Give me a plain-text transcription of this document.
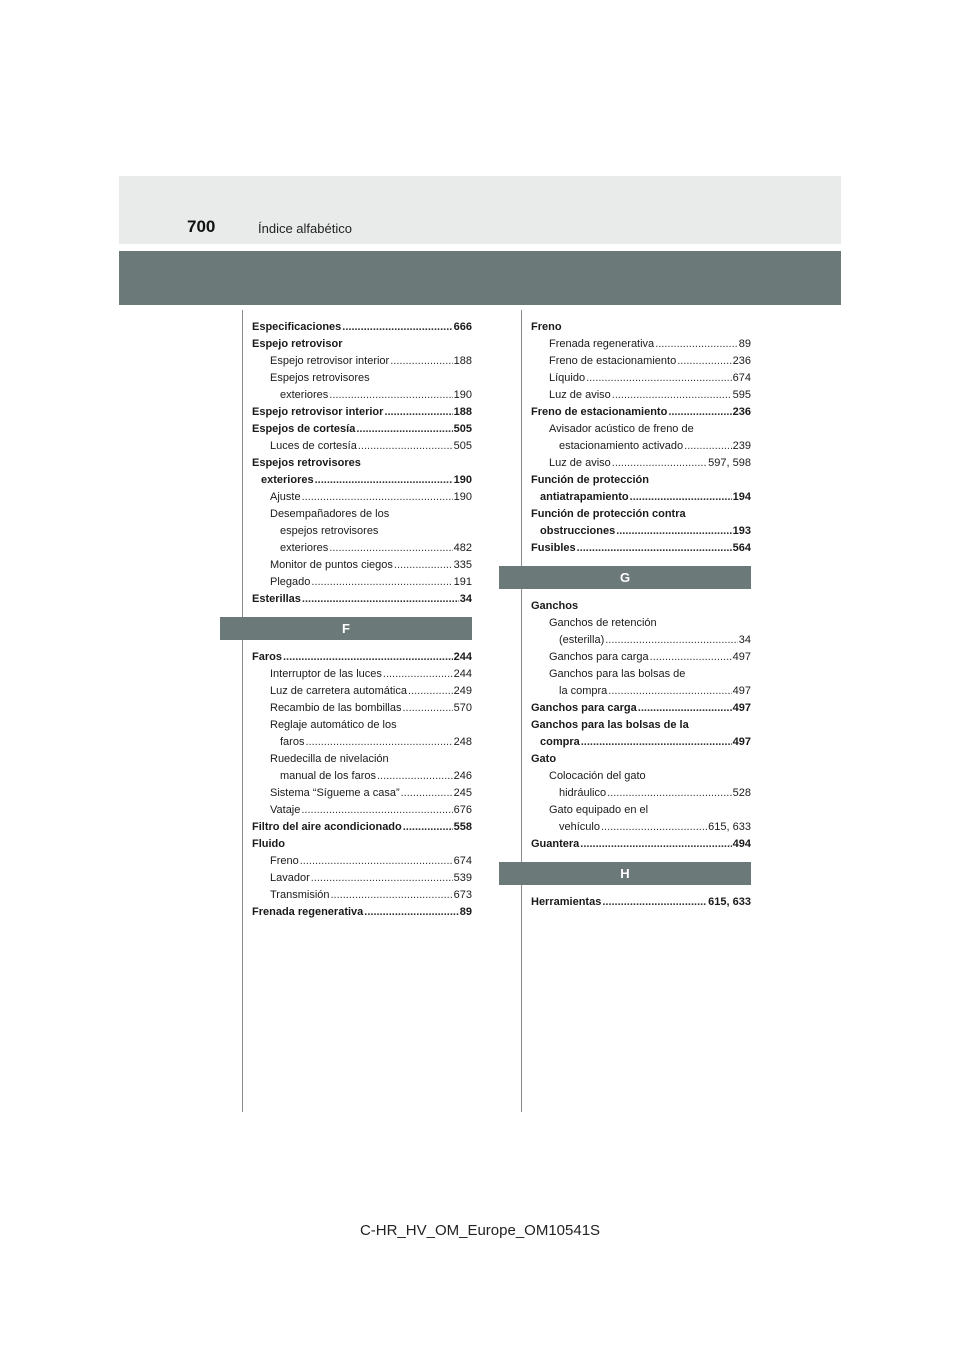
700	Índice alfabético
Especificaciones .....	666
Espejo retrovisor
Espejo retrovisor interior .....	188
Espejos retrovisores
exteriores .....	190
Espejo retrovisor interior .....	188
Espejos de cortesía .....	505
Luces de cortesía .....	505
Espejos retrovisores
exteriores .....	190
Ajuste .....	190
Desempañadores de los
espejos retrovisores
exteriores .....	482
Monitor de puntos ciegos .....	335
Plegado .....	191
Esterillas .....	34
F
Faros .....	244
Interruptor de las luces .....	244
Luz de carretera automática .....	249
Recambio de las bombillas .....	570
Reglaje automático de los
faros .....	248
Ruedecilla de nivelación
manual de los faros .....	246
Sistema “Sígueme a casa” .....	245
Vataje .....	676
Filtro del aire acondicionado .....	558
Fluido
Freno .....	674
Lavador .....	539
Transmisión .....	673
Frenada regenerativa .....	89
Freno
Frenada regenerativa .....	89
Freno de estacionamiento .....	236
Líquido .....	674
Luz de aviso .....	595
Freno de estacionamiento .....	236
Avisador acústico de freno de
estacionamiento activado .....	239
Luz de aviso .....	597, 598
Función de protección
antiatrapamiento .....	194
Función de protección contra
obstrucciones .....	193
Fusibles .....	564
G
Ganchos
Ganchos de retención
(esterilla) .....	34
Ganchos para carga .....	497
Ganchos para las bolsas de
la compra .....	497
Ganchos para carga .....	497
Ganchos para las bolsas de la
compra .....	497
Gato
Colocación del gato
hidráulico .....	528
Gato equipado en el
vehículo .....	615, 633
Guantera .....	494
H
Herramientas .....	615, 633
C-HR_HV_OM_Europe_OM10541S
